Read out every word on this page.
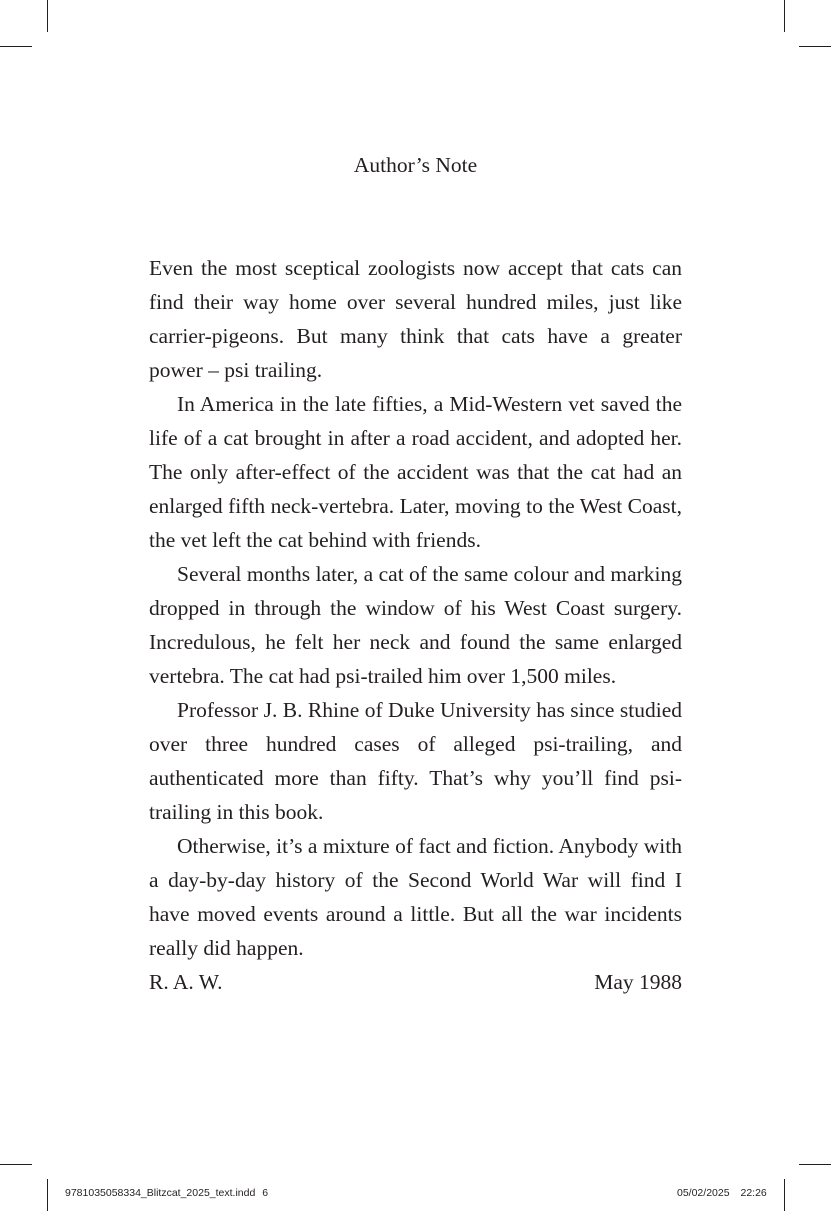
Author’s Note

Even the most sceptical zoologists now accept that cats can find their way home over several hundred miles, just like carrier-pigeons. But many think that cats have a greater power – psi trailing.

In America in the late fifties, a Mid-Western vet saved the life of a cat brought in after a road accident, and adopted her. The only after-effect of the accident was that the cat had an enlarged fifth neck-vertebra. Later, moving to the West Coast, the vet left the cat behind with friends.

Several months later, a cat of the same colour and marking dropped in through the window of his West Coast surgery. Incredulous, he felt her neck and found the same enlarged vertebra. The cat had psi-trailed him over 1,500 miles.

Professor J. B. Rhine of Duke University has since studied over three hundred cases of alleged psi-trailing, and authenticated more than fifty. That’s why you’ll find psi-trailing in this book.

Otherwise, it’s a mixture of fact and fiction. Anybody with a day-by-day history of the Second World War will find I have moved events around a little. But all the war incidents really did happen.

R. A. W.	May 1988
9781035058334_Blitzcat_2025_text.indd 6	05/02/2025 22:26
